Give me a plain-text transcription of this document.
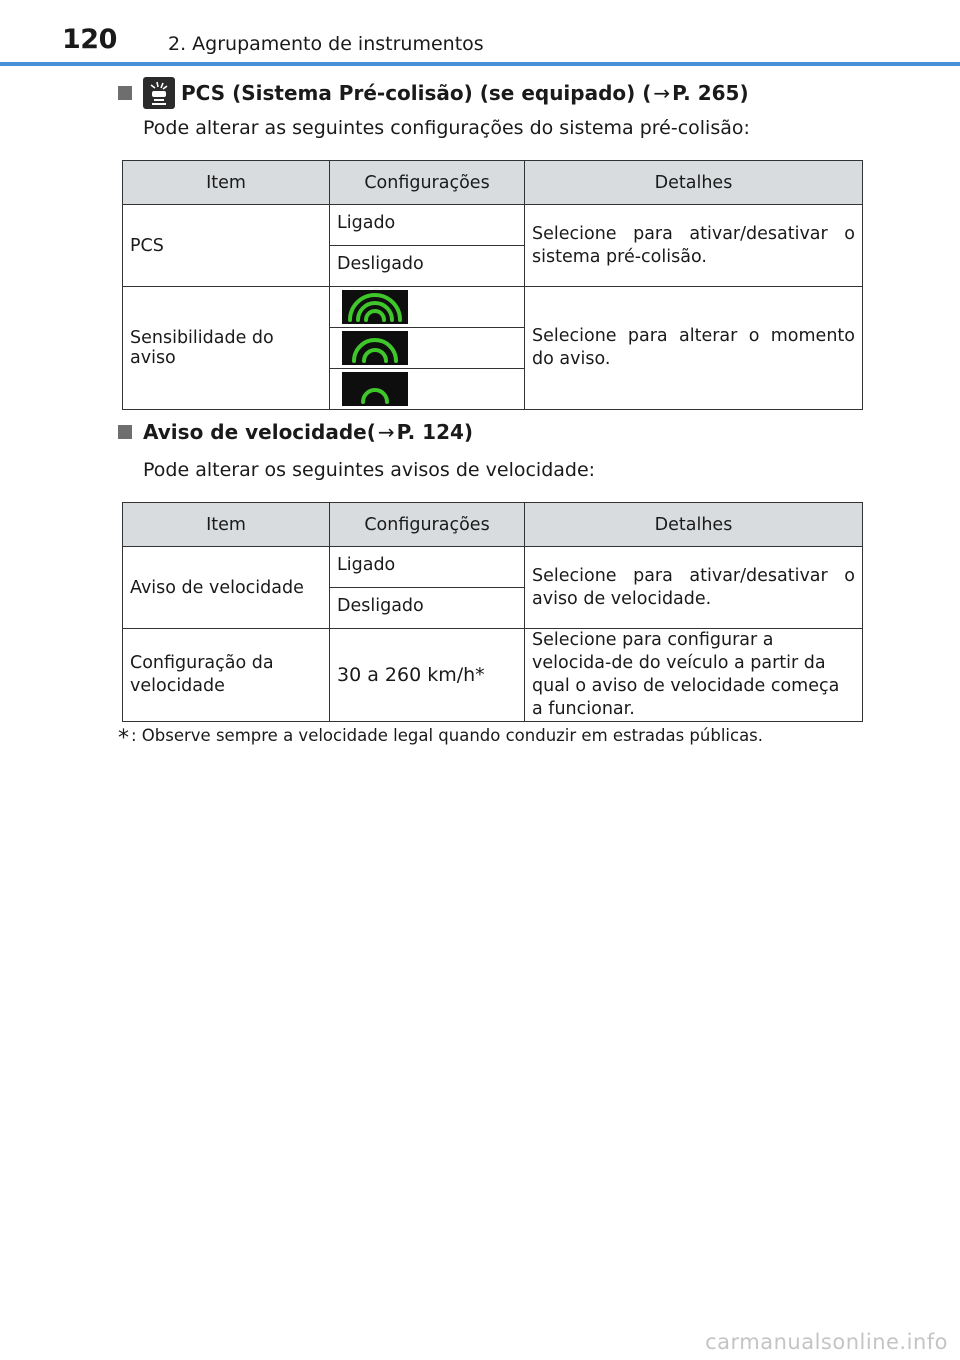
120	2. Agrupamento de instrumentos
PCS (Sistema Pré-colisão) (se equipado) ( → P. 265)
Pode alterar as seguintes configurações do sistema pré-colisão:
Item	Configurações	Detalhes
PCS	Ligado	Selecione para ativar/desativar o sistema pré-colisão.
	Desligado	
Sensibilidade do aviso		Selecione para alterar o momento do aviso.

Aviso de velocidade( → P. 124)
Pode alterar os seguintes avisos de velocidade:
Item	Configurações	Detalhes
Aviso de velocidade	Ligado	Selecione para ativar/desativar o aviso de velocidade.
	Desligado	
Configuração da velocidade	30 a 260 km/h*	Selecione para configurar a velocida-de do veículo a partir da qual o aviso de velocidade começa a funcionar.
* : Observe sempre a velocidade legal quando conduzir em estradas públicas.
carmanualsonline.info
